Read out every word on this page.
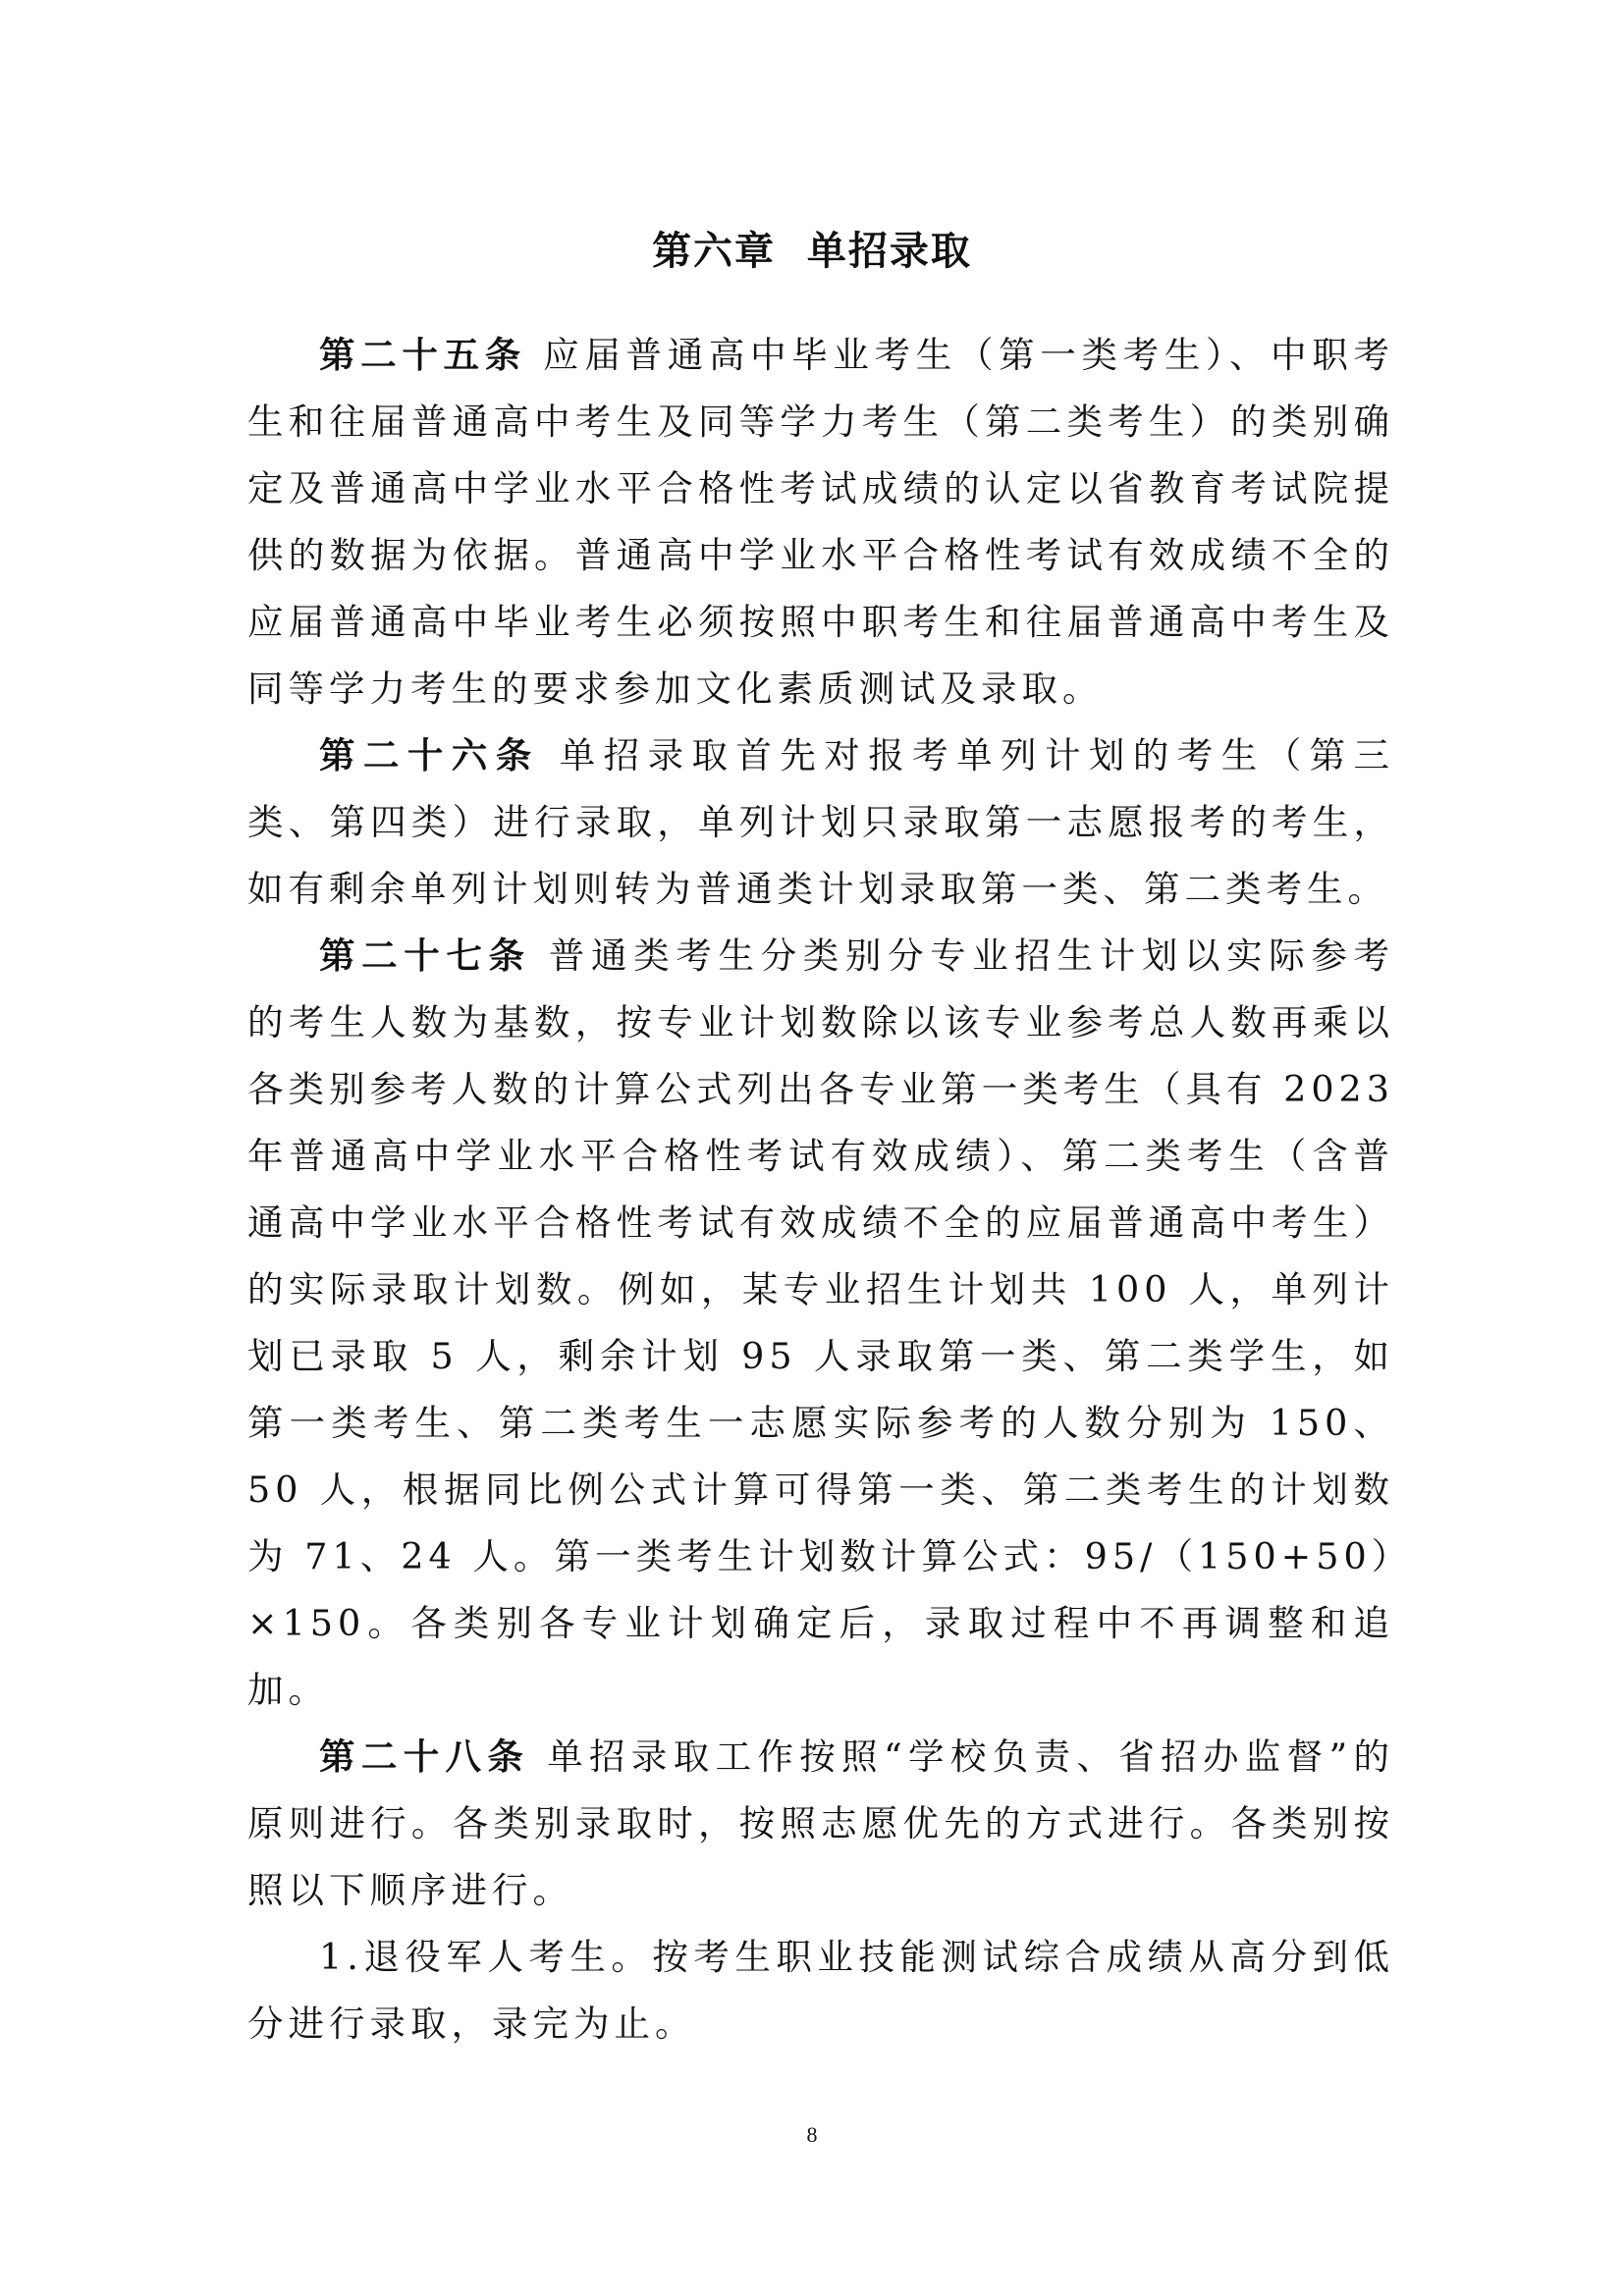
第六章  单招录取

第二十五条 应届普通高中毕业考生（第一类考生）、中职考生和往届普通高中考生及同等学力考生（第二类考生）的类别确定及普通高中学业水平合格性考试成绩的认定以省教育考试院提供的数据为依据。普通高中学业水平合格性考试有效成绩不全的应届普通高中毕业考生必须按照中职考生和往届普通高中考生及同等学力考生的要求参加文化素质测试及录取。

第二十六条 单招录取首先对报考单列计划的考生（第三类、第四类）进行录取，单列计划只录取第一志愿报考的考生，如有剩余单列计划则转为普通类计划录取第一类、第二类考生。

第二十七条 普通类考生分类别分专业招生计划以实际参考的考生人数为基数，按专业计划数除以该专业参考总人数再乘以各类别参考人数的计算公式列出各专业第一类考生（具有 2023 年普通高中学业水平合格性考试有效成绩）、第二类考生（含普通高中学业水平合格性考试有效成绩不全的应届普通高中考生）的实际录取计划数。例如，某专业招生计划共 100 人，单列计划已录取 5 人，剩余计划 95 人录取第一类、第二类学生，如第一类考生、第二类考生一志愿实际参考的人数分别为 150、50 人，根据同比例公式计算可得第一类、第二类考生的计划数为 71、24 人。第一类考生计划数计算公式：95/（150+50）×150。各类别各专业计划确定后，录取过程中不再调整和追加。

第二十八条 单招录取工作按照“学校负责、省招办监督”的原则进行。各类别录取时，按照志愿优先的方式进行。各类别按照以下顺序进行。

1.退役军人考生。按考生职业技能测试综合成绩从高分到低分进行录取，录完为止。

8
